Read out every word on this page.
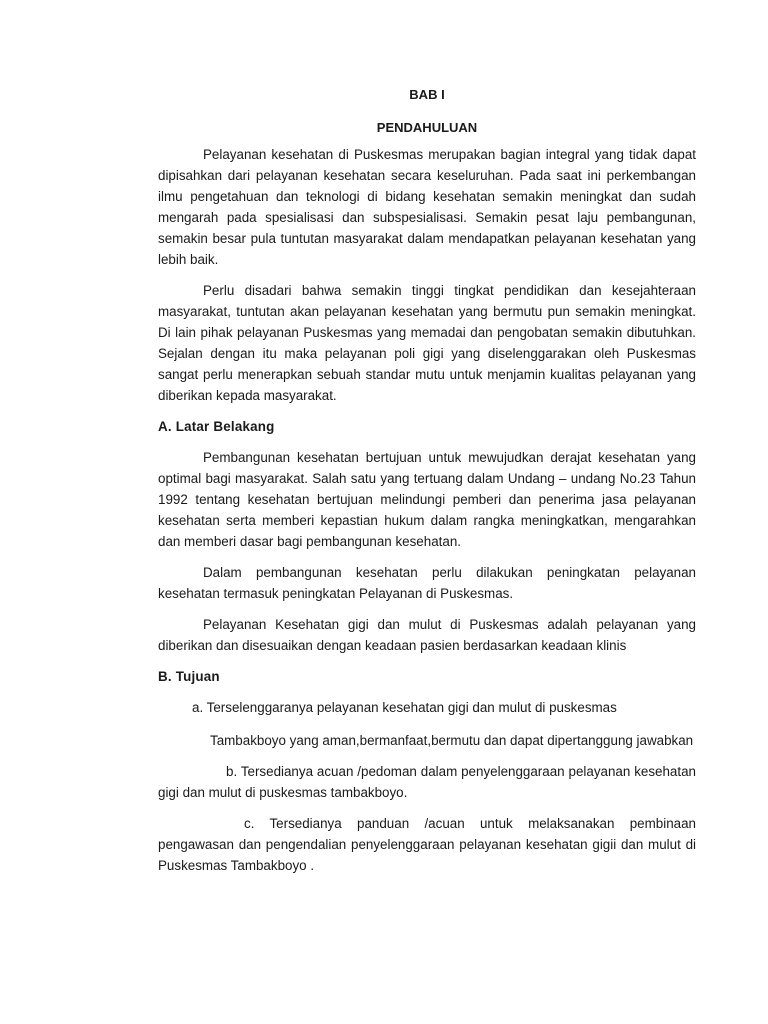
BAB I
PENDAHULUAN

Pelayanan kesehatan di Puskesmas merupakan bagian integral yang tidak dapat dipisahkan dari pelayanan kesehatan secara keseluruhan. Pada saat ini perkembangan ilmu pengetahuan dan teknologi di bidang kesehatan semakin meningkat dan sudah mengarah pada spesialisasi dan subspesialisasi. Semakin pesat laju pembangunan, semakin besar pula tuntutan masyarakat dalam mendapatkan pelayanan kesehatan yang lebih baik.

Perlu disadari bahwa semakin tinggi tingkat pendidikan dan kesejahteraan masyarakat, tuntutan akan pelayanan kesehatan yang bermutu pun semakin meningkat. Di lain pihak pelayanan Puskesmas yang memadai dan pengobatan semakin dibutuhkan. Sejalan dengan itu maka pelayanan poli gigi yang diselenggarakan oleh Puskesmas sangat perlu menerapkan sebuah standar mutu untuk menjamin kualitas pelayanan yang diberikan kepada masyarakat.

A. Latar Belakang

Pembangunan kesehatan bertujuan untuk mewujudkan derajat kesehatan yang optimal bagi masyarakat. Salah satu yang tertuang dalam Undang – undang No.23 Tahun 1992 tentang kesehatan bertujuan melindungi pemberi dan penerima jasa pelayanan kesehatan serta memberi kepastian hukum dalam rangka meningkatkan, mengarahkan dan memberi dasar bagi pembangunan kesehatan.

Dalam pembangunan kesehatan perlu dilakukan peningkatan pelayanan kesehatan termasuk peningkatan Pelayanan di Puskesmas.

Pelayanan Kesehatan gigi dan mulut di Puskesmas adalah pelayanan yang diberikan dan disesuaikan dengan keadaan pasien berdasarkan keadaan klinis

B. Tujuan

a. Terselenggaranya pelayanan kesehatan gigi dan mulut di puskesmas

Tambakboyo yang aman,bermanfaat,bermutu dan dapat dipertanggung jawabkan

b. Tersedianya acuan /pedoman dalam penyelenggaraan pelayanan kesehatan gigi dan mulut di puskesmas tambakboyo.

c. Tersedianya panduan /acuan untuk melaksanakan pembinaan pengawasan dan pengendalian penyelenggaraan pelayanan kesehatan gigii dan mulut di Puskesmas Tambakboyo .
